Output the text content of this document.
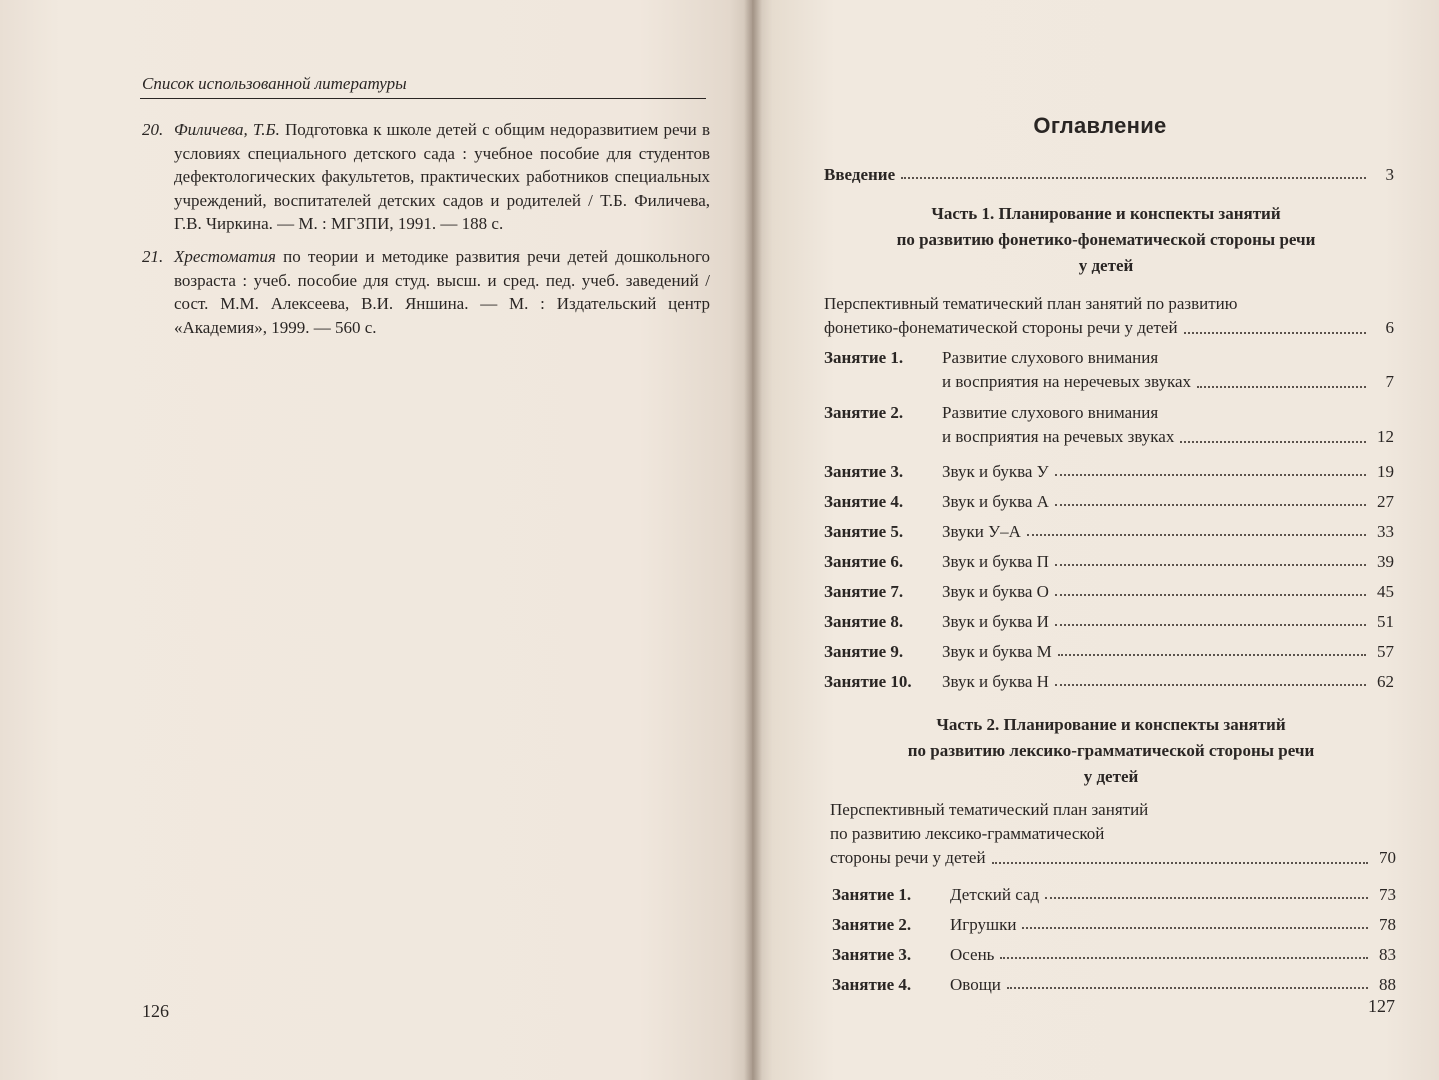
Список использованной литературы
20. Филичева, Т.Б. Подготовка к школе детей с общим недоразвитием речи в условиях специального детского сада : учебное пособие для студентов дефектологических факультетов, практических работников специальных учреждений, воспитателей детских садов и родителей / Т.Б. Филичева, Г.В. Чиркина. — М. : МГЗПИ, 1991. — 188 с.
21. Хрестоматия по теории и методике развития речи детей дошкольного возраста : учеб. пособие для студ. высш. и сред. пед. учеб. заведений / сост. М.М. Алексеева, В.И. Яншина. — М. : Издательский центр «Академия», 1999. — 560 с.
126
Оглавление
Введение	3
Часть 1. Планирование и конспекты занятий
по развитию фонетико-фонематической стороны речи
у детей
Перспективный тематический план занятий по развитию
фонетико-фонематической стороны речи у детей	6
Занятие 1.	Развитие слухового внимания
и восприятия на неречевых звуках	7
Занятие 2.	Развитие слухового внимания
и восприятия на речевых звуках	12
Занятие 3. Звук и буква У	19
Занятие 4. Звук и буква А	27
Занятие 5. Звуки У–А	33
Занятие 6. Звук и буква П	39
Занятие 7. Звук и буква О	45
Занятие 8. Звук и буква И	51
Занятие 9. Звук и буква М	57
Занятие 10. Звук и буква Н	62
Часть 2. Планирование и конспекты занятий
по развитию лексико-грамматической стороны речи
у детей
Перспективный тематический план занятий
по развитию лексико-грамматической
стороны речи у детей	70
Занятие 1. Детский сад	73
Занятие 2. Игрушки	78
Занятие 3. Осень	83
Занятие 4. Овощи	88
127
